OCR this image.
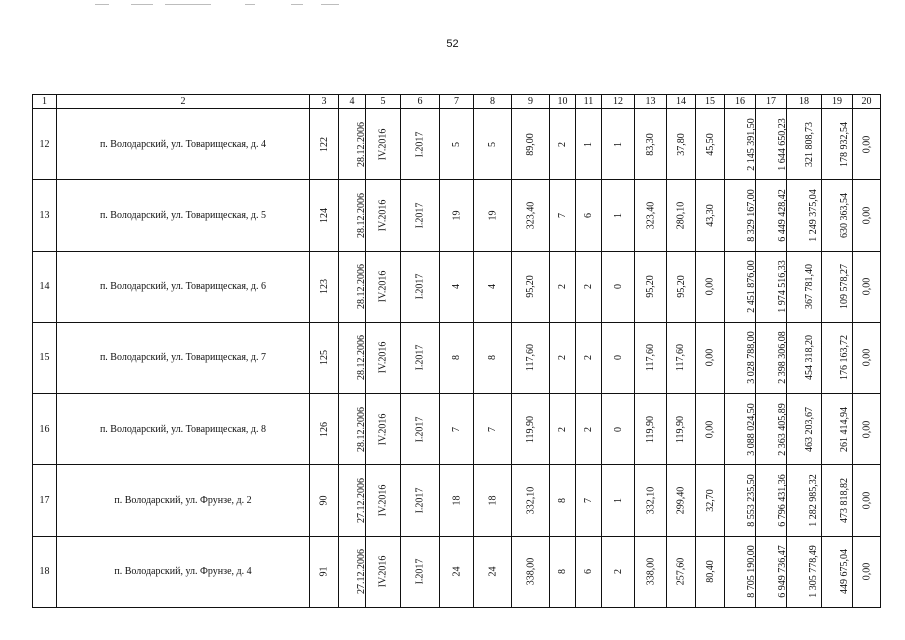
52
1	2	3	4	5	6	7	8	9	10	11	12	13	14	15	16	17	18	19	20
12	п. Володарский, ул. Товарищеская, д. 4	122	28.12.2006	IV.2016	I.2017	5	5	89,00	2	1	1	83,30	37,80	45,50	2 145 391,50	1 644 650,23	321 808,73	178 932,54	0,00
13	п. Володарский, ул. Товарищеская, д. 5	124	28.12.2006	IV.2016	I.2017	19	19	323,40	7	6	1	323,40	280,10	43,30	8 329 167,00	6 449 428,42	1 249 375,04	630 363,54	0,00
14	п. Володарский, ул. Товарищеская, д. 6	123	28.12.2006	IV.2016	I.2017	4	4	95,20	2	2	0	95,20	95,20	0,00	2 451 876,00	1 974 516,33	367 781,40	109 578,27	0,00
15	п. Володарский, ул. Товарищеская, д. 7	125	28.12.2006	IV.2016	I.2017	8	8	117,60	2	2	0	117,60	117,60	0,00	3 028 788,00	2 398 306,08	454 318,20	176 163,72	0,00
16	п. Володарский, ул. Товарищеская, д. 8	126	28.12.2006	IV.2016	I.2017	7	7	119,90	2	2	0	119,90	119,90	0,00	3 088 024,50	2 363 405,89	463 203,67	261 414,94	0,00
17	п. Володарский, ул. Фрунзе, д. 2	90	27.12.2006	IV.2016	I.2017	18	18	332,10	8	7	1	332,10	299,40	32,70	8 553 235,50	6 796 431,36	1 282 985,32	473 818,82	0,00
18	п. Володарский, ул. Фрунзе, д. 4	91	27.12.2006	IV.2016	I.2017	24	24	338,00	8	6	2	338,00	257,60	80,40	8 705 190,00	6 949 736,47	1 305 778,49	449 675,04	0,00
